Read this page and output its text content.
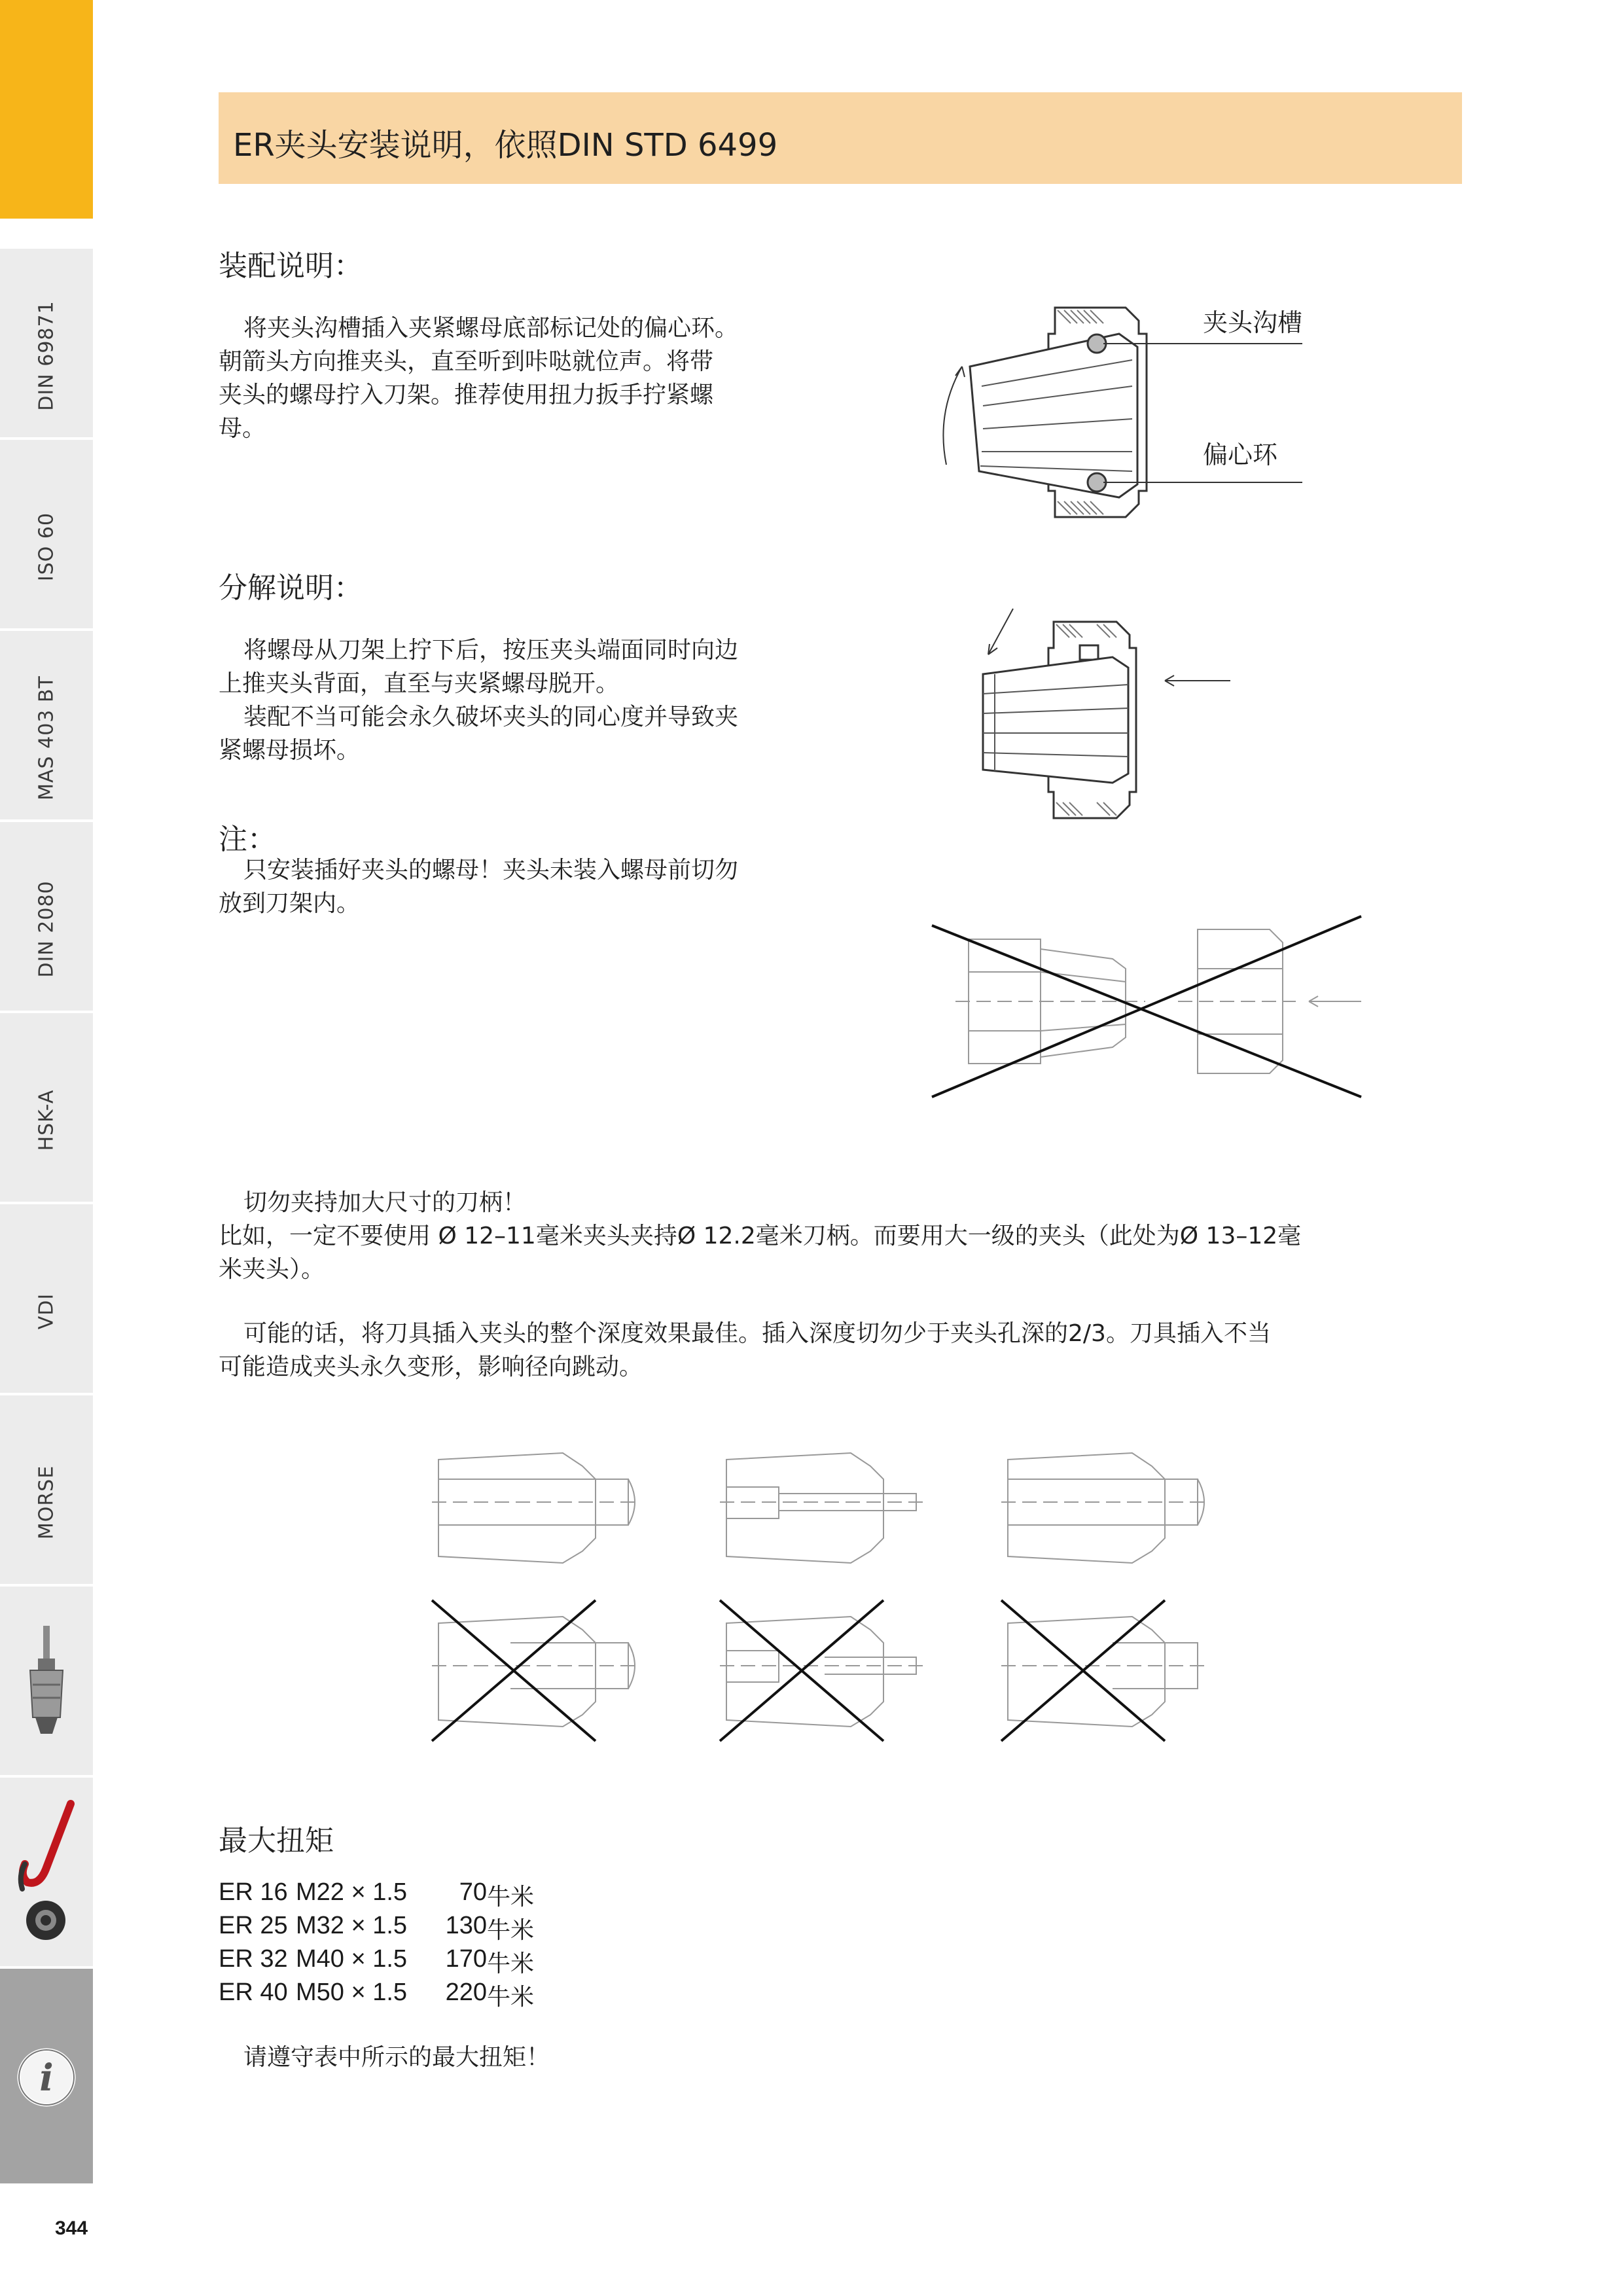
DIN 69871
ISO 60
MAS 403 BT
DIN 2080
HSK-A
VDI
MORSE
i
ER夹头安装说明，依照DIN STD 6499
装配说明：
将夹头沟槽插入夹紧螺母底部标记处的偏心环。
朝箭头方向推夹头，直至听到咔哒就位声。将带
夹头的螺母拧入刀架。推荐使用扭力扳手拧紧螺
母。
夹头沟槽
偏心环
分解说明：
将螺母从刀架上拧下后，按压夹头端面同时向边
上推夹头背面，直至与夹紧螺母脱开。
装配不当可能会永久破坏夹头的同心度并导致夹
紧螺母损坏。
注：
只安装插好夹头的螺母！夹头未装入螺母前切勿
放到刀架内。
切勿夹持加大尺寸的刀柄！
比如，一定不要使用 Ø 12–11毫米夹头夹持Ø 12.2毫米刀柄。而要用大一级的夹头（此处为Ø 13–12毫
米夹头）。
可能的话，将刀具插入夹头的整个深度效果最佳。插入深度切勿少于夹头孔深的2/3。刀具插入不当
可能造成夹头永久变形，影响径向跳动。
最大扭矩
ER 16 M22 × 1.5	70 牛米
ER 25 M32 × 1.5	130 牛米
ER 32 M40 × 1.5	170 牛米
ER 40 M50 × 1.5	220 牛米
请遵守表中所示的最大扭矩！
344
